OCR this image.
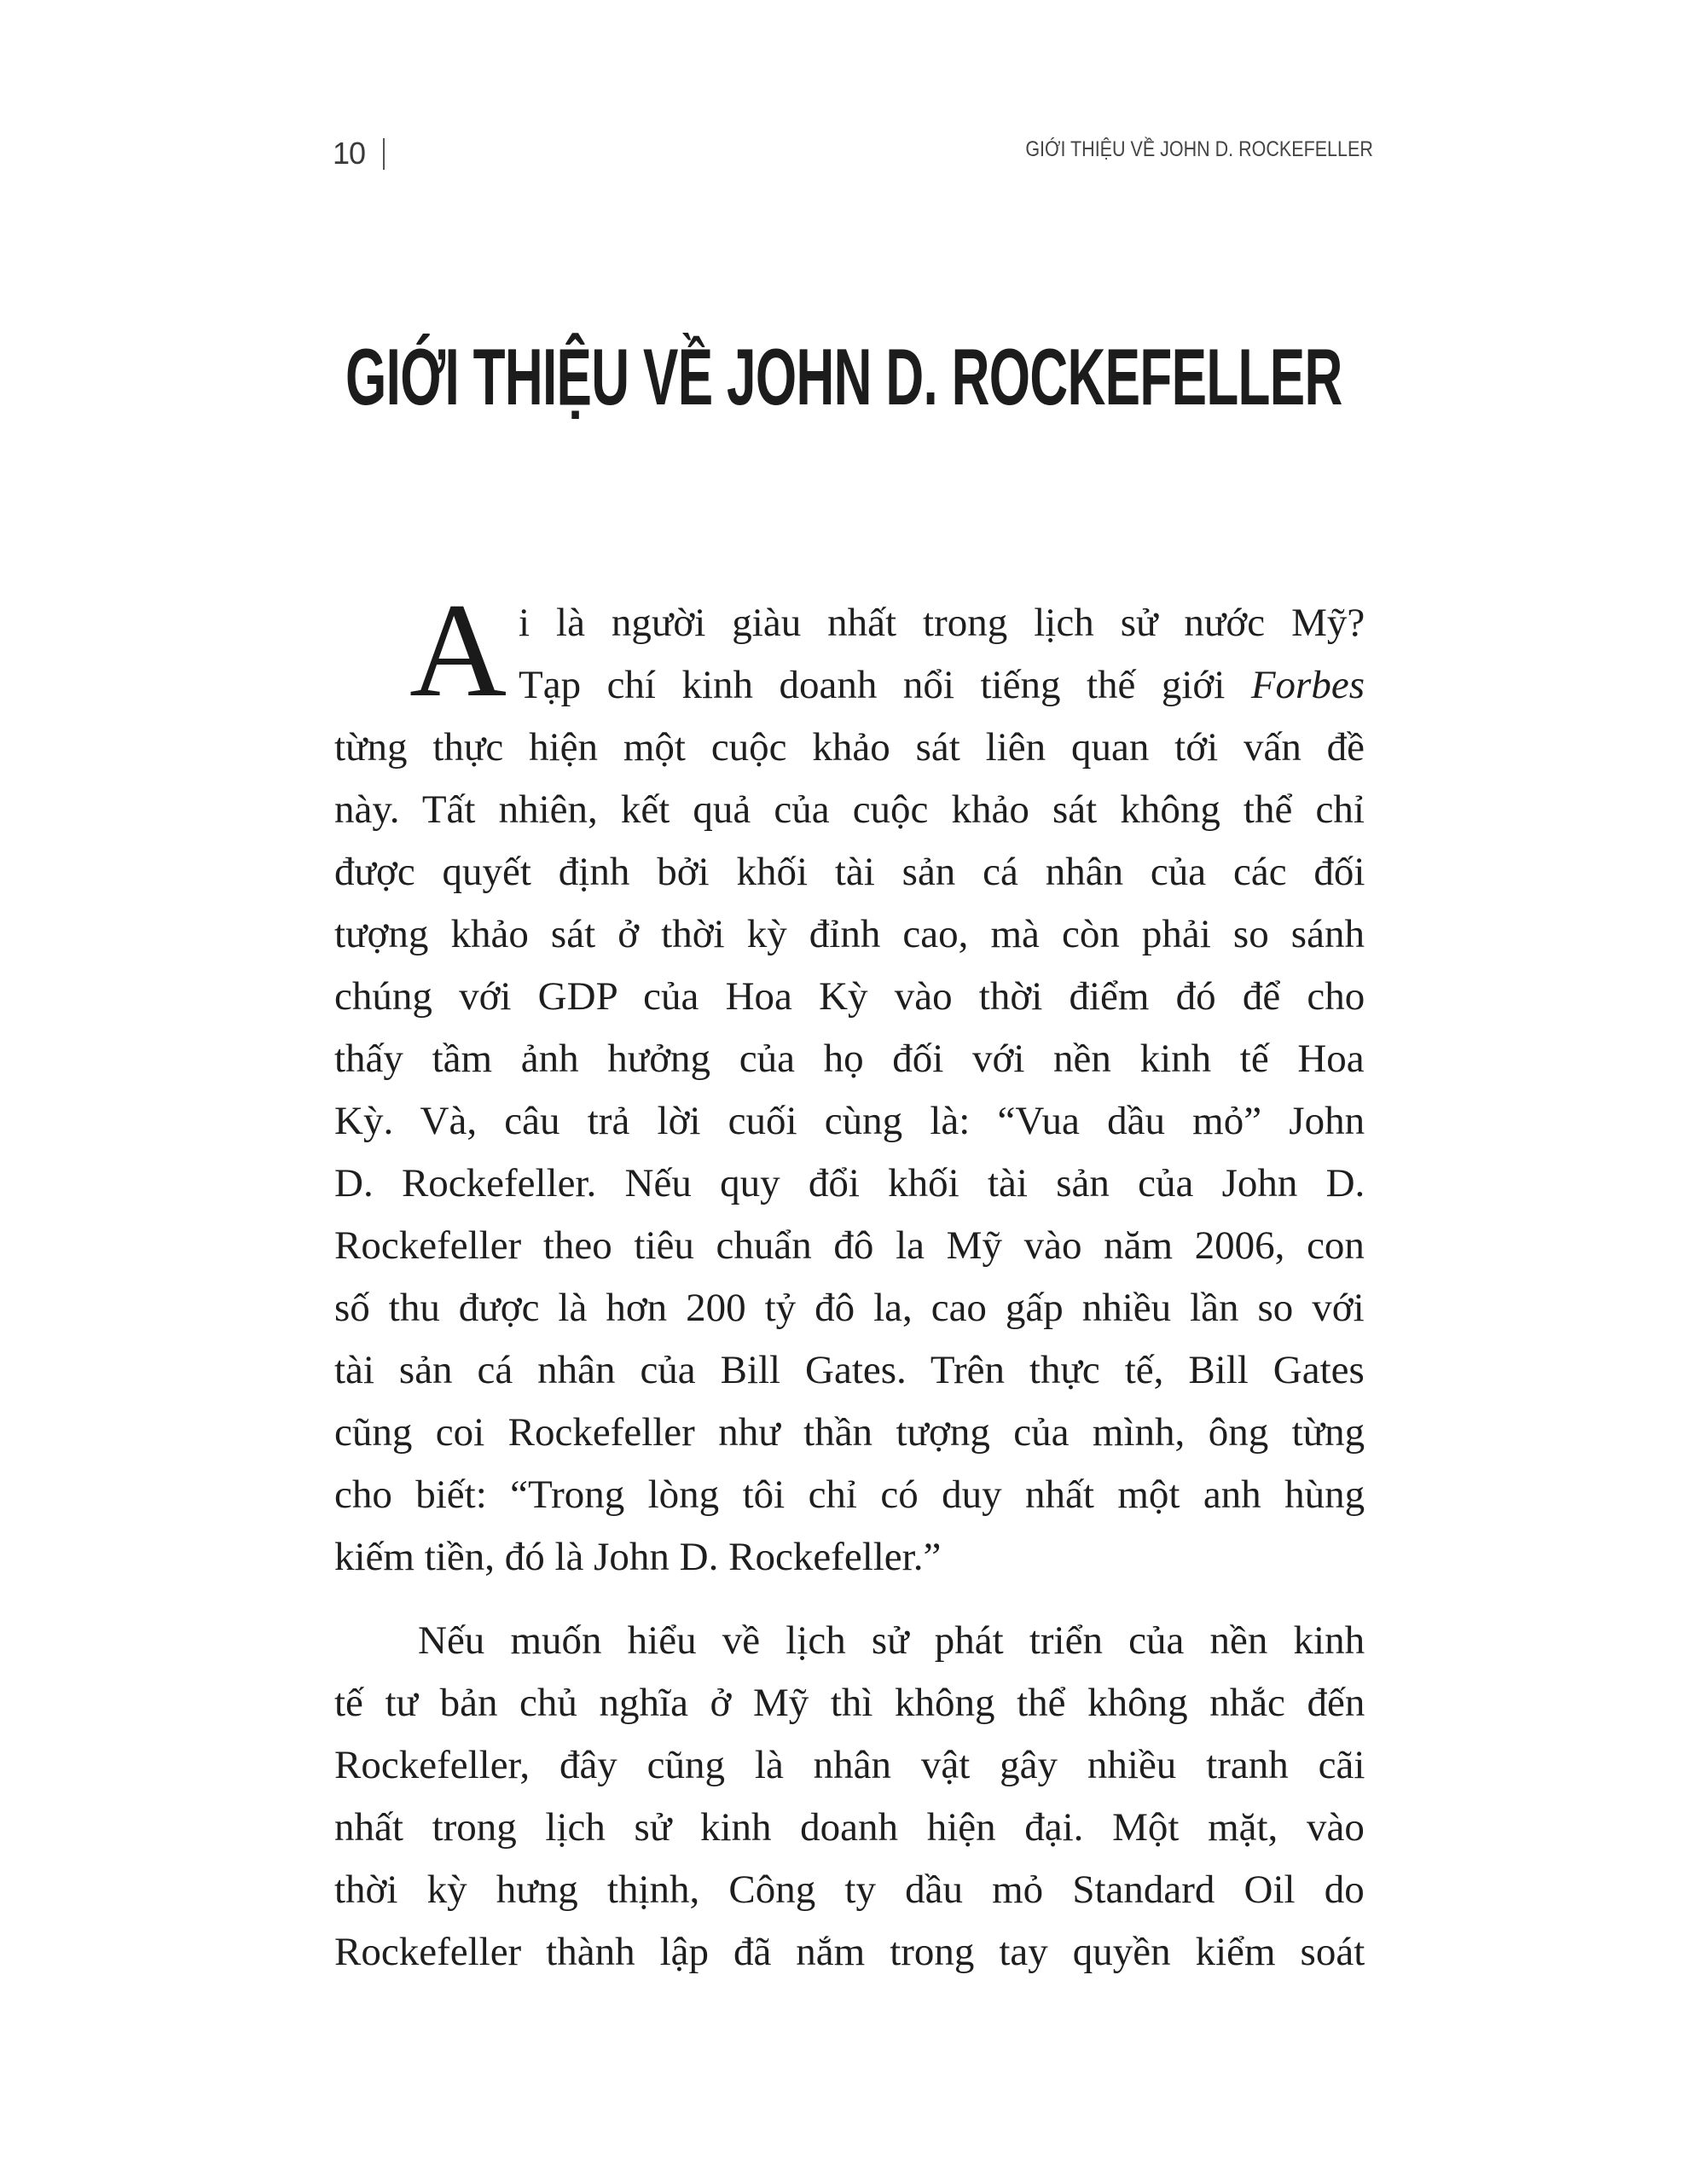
10	GIỚI THIỆU VỀ JOHN D. ROCKEFELLER
GIỚI THIỆU VỀ JOHN D. ROCKEFELLER
A i là người giàu nhất trong lịch sử nước Mỹ?
Tạp chí kinh doanh nổi tiếng thế giới Forbes
từng thực hiện một cuộc khảo sát liên quan tới vấn đề
này. Tất nhiên, kết quả của cuộc khảo sát không thể chỉ
được quyết định bởi khối tài sản cá nhân của các đối
tượng khảo sát ở thời kỳ đỉnh cao, mà còn phải so sánh
chúng với GDP của Hoa Kỳ vào thời điểm đó để cho
thấy tầm ảnh hưởng của họ đối với nền kinh tế Hoa
Kỳ. Và, câu trả lời cuối cùng là: “Vua dầu mỏ” John
D. Rockefeller. Nếu quy đổi khối tài sản của John D.
Rockefeller theo tiêu chuẩn đô la Mỹ vào năm 2006, con
số thu được là hơn 200 tỷ đô la, cao gấp nhiều lần so với
tài sản cá nhân của Bill Gates. Trên thực tế, Bill Gates
cũng coi Rockefeller như thần tượng của mình, ông từng
cho biết: “Trong lòng tôi chỉ có duy nhất một anh hùng
kiếm tiền, đó là John D. Rockefeller.”
Nếu muốn hiểu về lịch sử phát triển của nền kinh
tế tư bản chủ nghĩa ở Mỹ thì không thể không nhắc đến
Rockefeller, đây cũng là nhân vật gây nhiều tranh cãi
nhất trong lịch sử kinh doanh hiện đại. Một mặt, vào
thời kỳ hưng thịnh, Công ty dầu mỏ Standard Oil do
Rockefeller thành lập đã nắm trong tay quyền kiểm soát
